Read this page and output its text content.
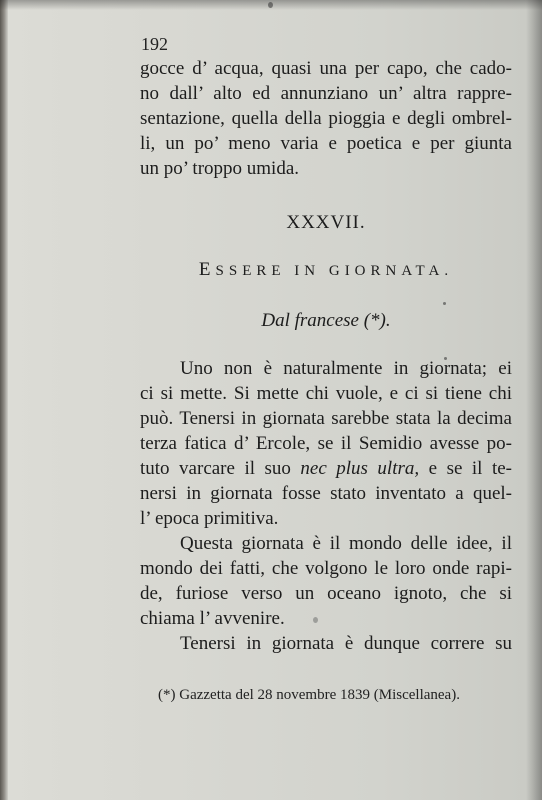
192
gocce d’ acqua, quasi una per capo, che cado-
no dall’ alto ed annunziano un’ altra rappre-
sentazione, quella della pioggia e degli ombrel-
li, un po’ meno varia e poetica e per giunta
un po’ troppo umida.
XXXVII.
ESSERE IN GIORNATA.
Dal francese (*).
Uno non è naturalmente in giornata; ei
ci si mette. Si mette chi vuole, e ci si tiene chi
può. Tenersi in giornata sarebbe stata la decima
terza fatica d’ Ercole, se il Semidio avesse po-
tuto varcare il suo nec plus ultra, e se il te-
nersi in giornata fosse stato inventato a quel-
l’ epoca primitiva.
Questa giornata è il mondo delle idee, il
mondo dei fatti, che volgono le loro onde rapi-
de, furiose verso un oceano ignoto, che si
chiama l’ avvenire.
Tenersi in giornata è dunque correre su
(*) Gazzetta del 28 novembre 1839 (Miscellanea).
